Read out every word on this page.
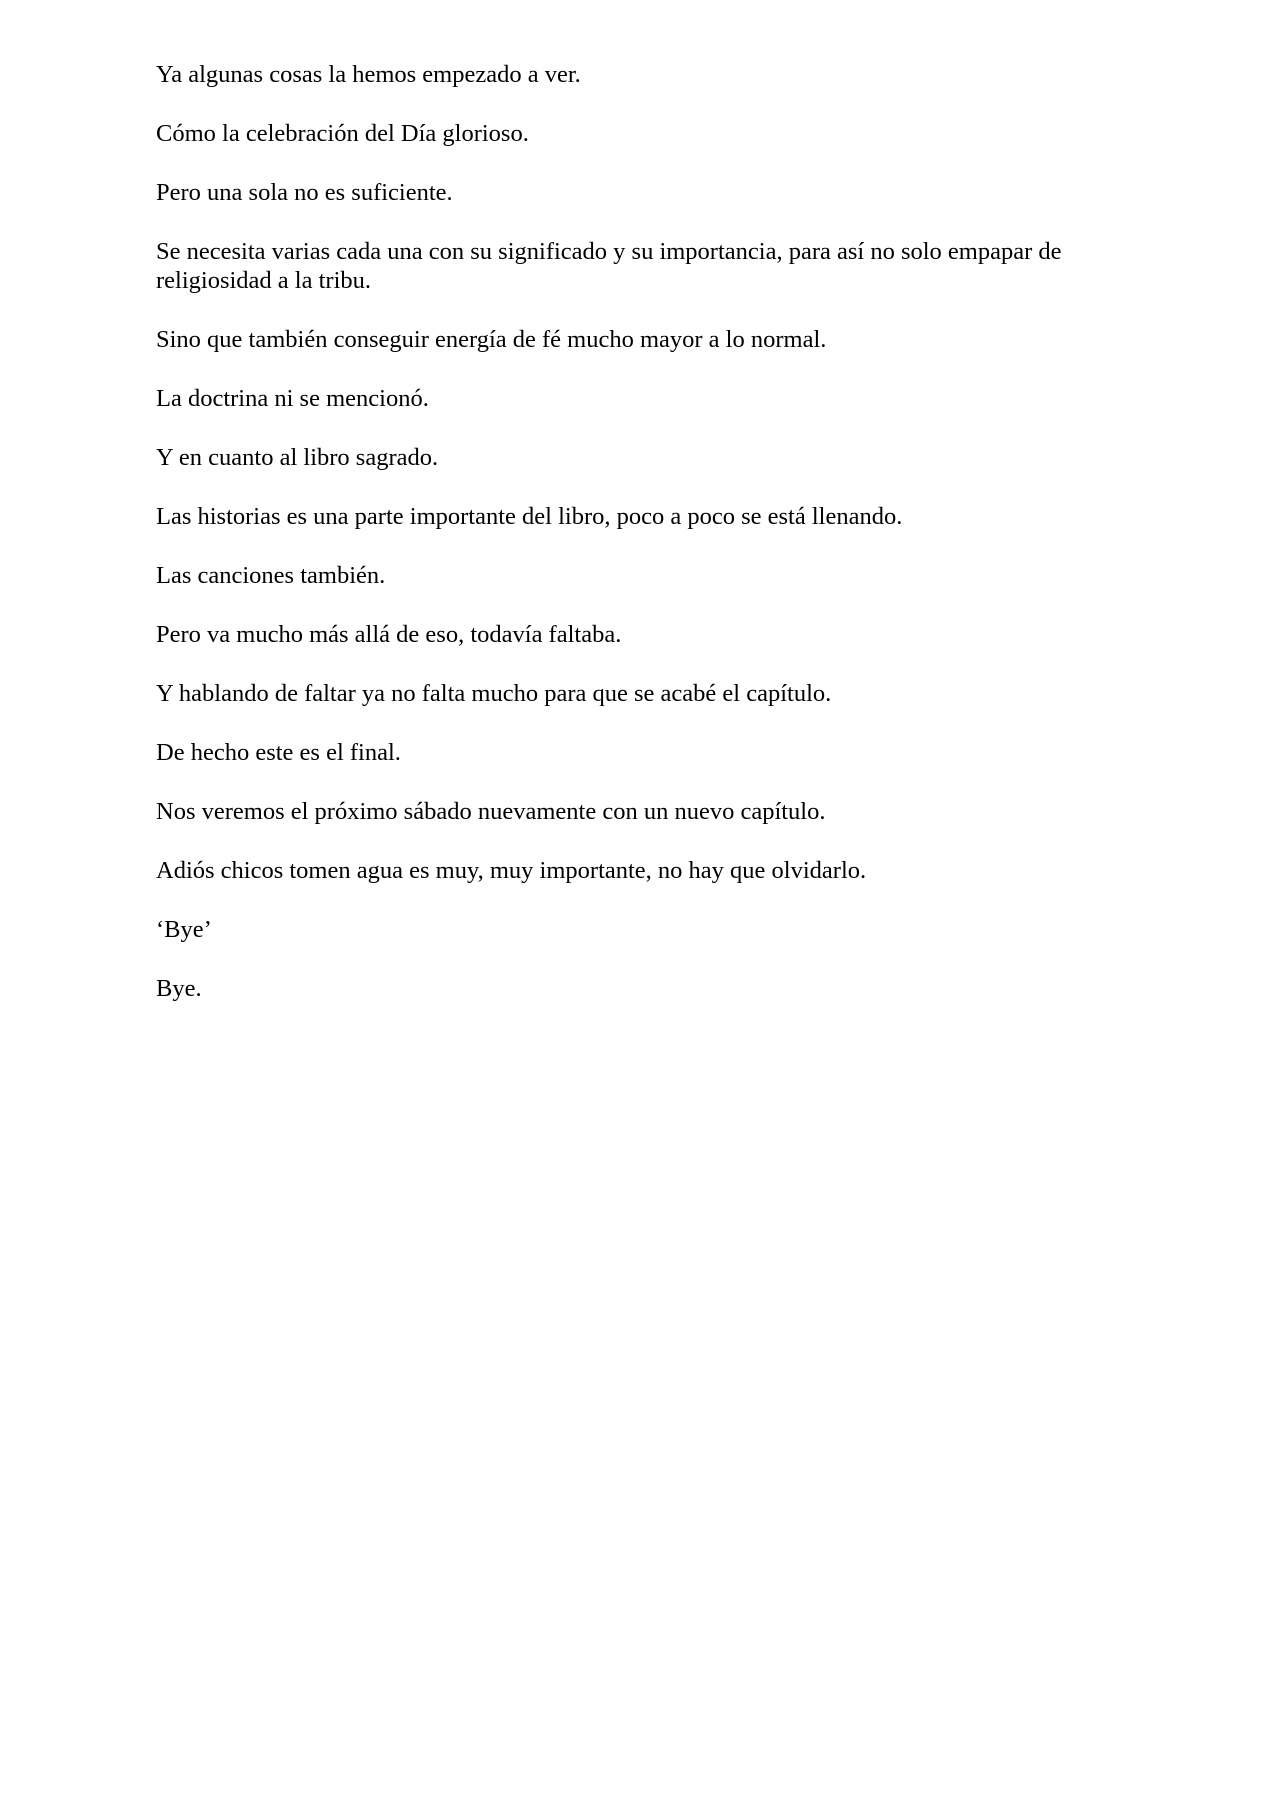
Ya algunas cosas la hemos empezado a ver.

Cómo la celebración del Día glorioso.

Pero una sola no es suficiente.

Se necesita varias cada una con su significado y su importancia, para así no solo empapar de religiosidad a la tribu.

Sino que también conseguir energía de fé mucho mayor a lo normal.

La doctrina ni se mencionó.

Y en cuanto al libro sagrado.

Las historias es una parte importante del libro, poco a poco se está llenando.

Las canciones también.

Pero va mucho más allá de eso, todavía faltaba.

Y hablando de faltar ya no falta mucho para que se acabé el capítulo.

De hecho este es el final.

Nos veremos el próximo sábado nuevamente con un nuevo capítulo.

Adiós chicos tomen agua es muy, muy importante, no hay que olvidarlo.

‘Bye’

Bye.
